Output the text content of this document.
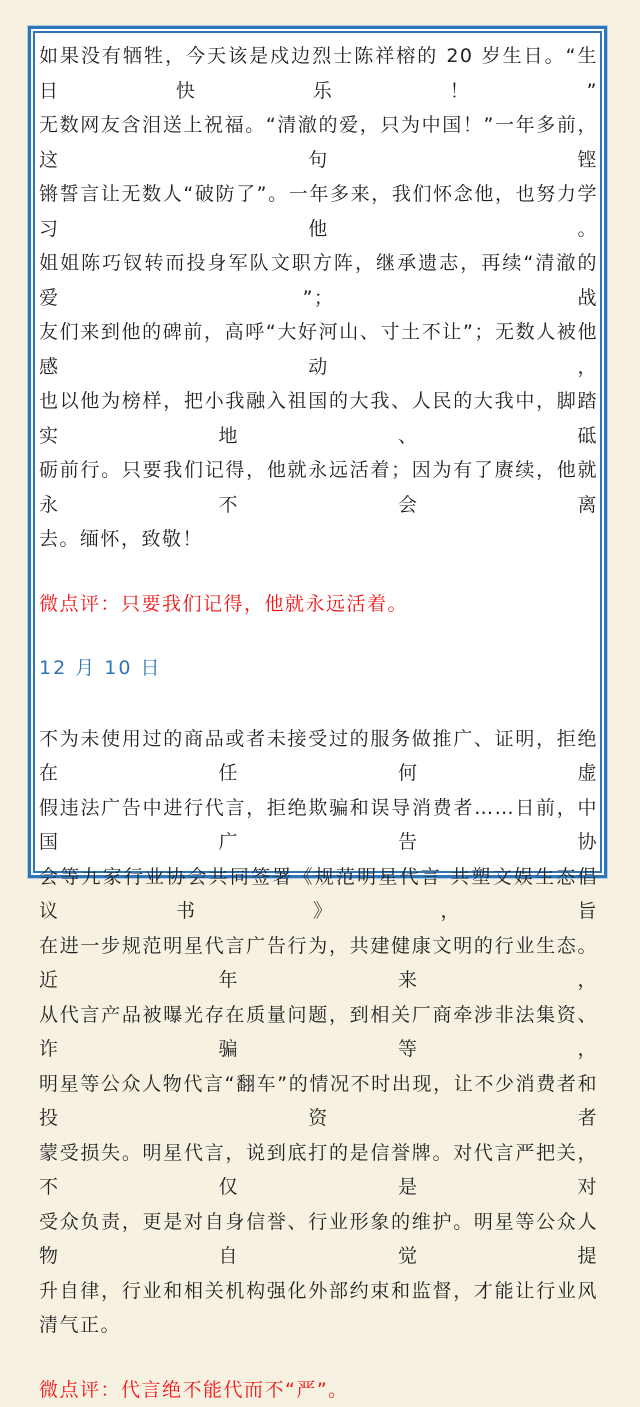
如果没有牺牲，今天该是戍边烈士陈祥榕的 20 岁生日。“生日快乐！”
无数网友含泪送上祝福。“清澈的爱，只为中国！”一年多前，这句铿
锵誓言让无数人“破防了”。一年多来，我们怀念他，也努力学习他。
姐姐陈巧钗转而投身军队文职方阵，继承遗志，再续“清澈的爱”；战
友们来到他的碑前，高呼“大好河山、寸土不让”；无数人被他感动，
也以他为榜样，把小我融入祖国的大我、人民的大我中，脚踏实地、砥
砺前行。只要我们记得，他就永远活着；因为有了赓续，他就永不会离
去。缅怀，致敬！
微点评：只要我们记得，他就永远活着。
12 月 10 日
不为未使用过的商品或者未接受过的服务做推广、证明，拒绝在任何虚
假违法广告中进行代言，拒绝欺骗和误导消费者……日前，中国广告协
会等九家行业协会共同签署《规范明星代言 共塑文娱生态倡议书》，旨
在进一步规范明星代言广告行为，共建健康文明的行业生态。近年来，
从代言产品被曝光存在质量问题，到相关厂商牵涉非法集资、诈骗等，
明星等公众人物代言“翻车”的情况不时出现，让不少消费者和投资者
蒙受损失。明星代言，说到底打的是信誉牌。对代言严把关，不仅是对
受众负责，更是对自身信誉、行业形象的维护。明星等公众人物自觉提
升自律，行业和相关机构强化外部约束和监督，才能让行业风清气正。
微点评：代言绝不能代而不“严”。
